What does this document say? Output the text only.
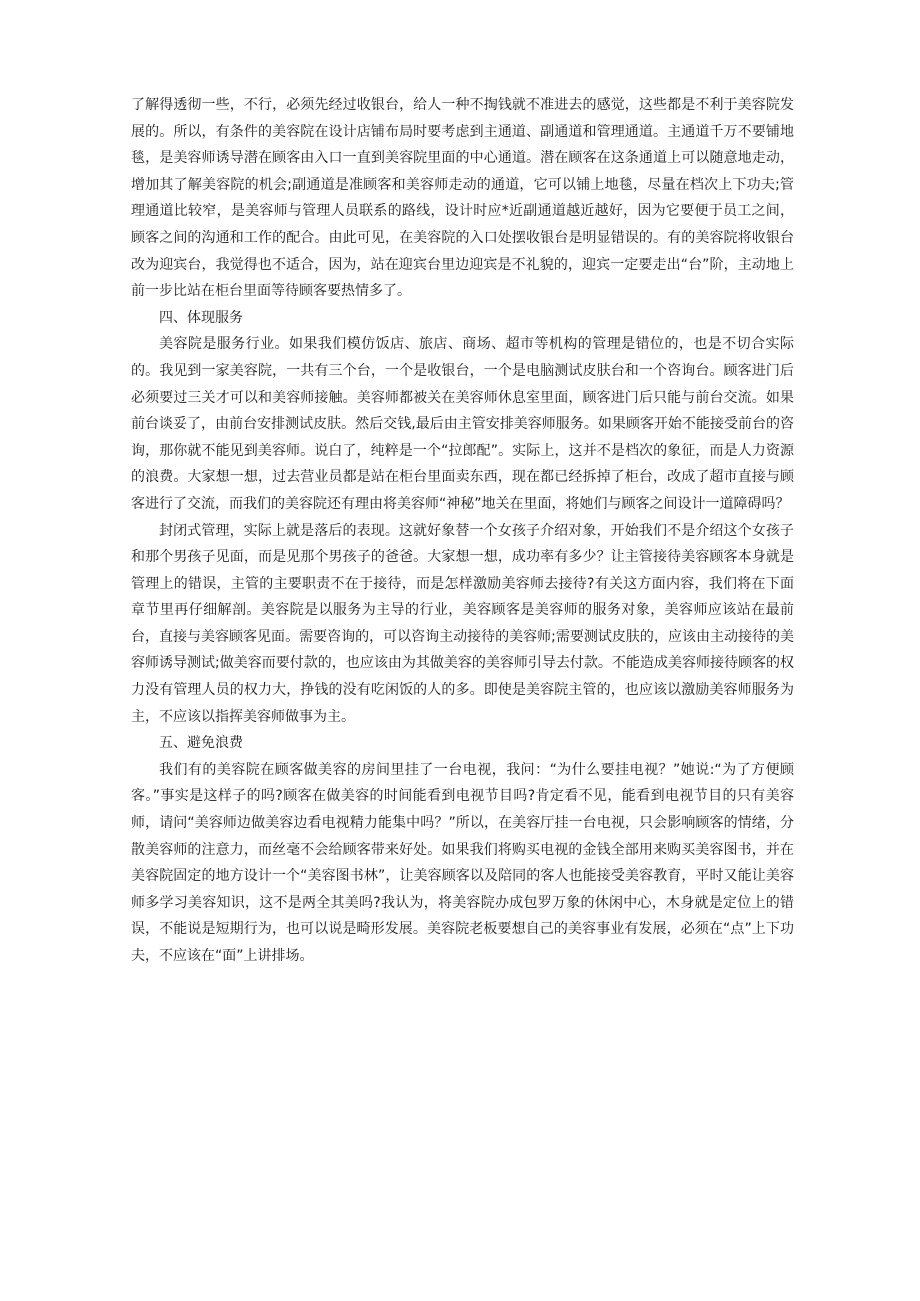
了解得透彻一些，不行，必须先经过收银台，给人一种不掏钱就不准进去的感觉，这些都是不利于美容院发展的。所以，有条件的美容院在设计店铺布局时要考虑到主通道、副通道和管理通道。主通道千万不要铺地毯，是美容师诱导潜在顾客由入口一直到美容院里面的中心通道。潜在顾客在这条通道上可以随意地走动，增加其了解美容院的机会;副通道是准顾客和美容师走动的通道，它可以铺上地毯，尽量在档次上下功夫;管理通道比较窄，是美容师与管理人员联系的路线，设计时应*近副通道越近越好，因为它要便于员工之间，顾客之间的沟通和工作的配合。由此可见，在美容院的入口处摆收银台是明显错误的。有的美容院将收银台改为迎宾台，我觉得也不适合，因为，站在迎宾台里边迎宾是不礼貌的，迎宾一定要走出“台”阶，主动地上前一步比站在柜台里面等待顾客要热情多了。

四、体现服务

美容院是服务行业。如果我们模仿饭店、旅店、商场、超市等机构的管理是错位的，也是不切合实际的。我见到一家美容院，一共有三个台，一个是收银台，一个是电脑测试皮肤台和一个咨询台。顾客进门后必须要过三关才可以和美容师接触。美容师都被关在美容师休息室里面，顾客进门后只能与前台交流。如果前台谈妥了，由前台安排测试皮肤。然后交钱,最后由主管安排美容师服务。如果顾客开始不能接受前台的咨询，那你就不能见到美容师。说白了，纯粹是一个“拉郎配”。实际上，这并不是档次的象征，而是人力资源的浪费。大家想一想，过去营业员都是站在柜台里面卖东西，现在都已经拆掉了柜台，改成了超市直接与顾客进行了交流，而我们的美容院还有理由将美容师“神秘”地关在里面，将她们与顾客之间设计一道障碍吗？

封闭式管理，实际上就是落后的表现。这就好象替一个女孩子介绍对象，开始我们不是介绍这个女孩子和那个男孩子见面，而是见那个男孩子的爸爸。大家想一想，成功率有多少？让主管接待美容顾客本身就是管理上的错误，主管的主要职责不在于接待，而是怎样激励美容师去接待?有关这方面内容，我们将在下面章节里再仔细解剖。美容院是以服务为主导的行业，美容顾客是美容师的服务对象，美容师应该站在最前台，直接与美容顾客见面。需要咨询的，可以咨询主动接待的美容师;需要测试皮肤的，应该由主动接待的美容师诱导测试;做美容而要付款的，也应该由为其做美容的美容师引导去付款。不能造成美容师接待顾客的权力没有管理人员的权力大，挣钱的没有吃闲饭的人的多。即使是美容院主管的，也应该以激励美容师服务为主，不应该以指挥美容师做事为主。

五、避免浪费

我们有的美容院在顾客做美容的房间里挂了一台电视，我问：“为什么要挂电视？”她说:“为了方便顾客。”事实是这样子的吗?顾客在做美容的时间能看到电视节目吗?肯定看不见，能看到电视节目的只有美容师，请问“美容师边做美容边看电视精力能集中吗？”所以，在美容厅挂一台电视，只会影响顾客的情绪，分散美容师的注意力，而丝毫不会给顾客带来好处。如果我们将购买电视的金钱全部用来购买美容图书，并在美容院固定的地方设计一个“美容图书林”，让美容顾客以及陪同的客人也能接受美容教育，平时又能让美容师多学习美容知识，这不是两全其美吗?我认为，将美容院办成包罗万象的休闲中心，木身就是定位上的错误，不能说是短期行为，也可以说是畸形发展。美容院老板要想自己的美容事业有发展，必须在“点”上下功夫，不应该在“面”上讲排场。
